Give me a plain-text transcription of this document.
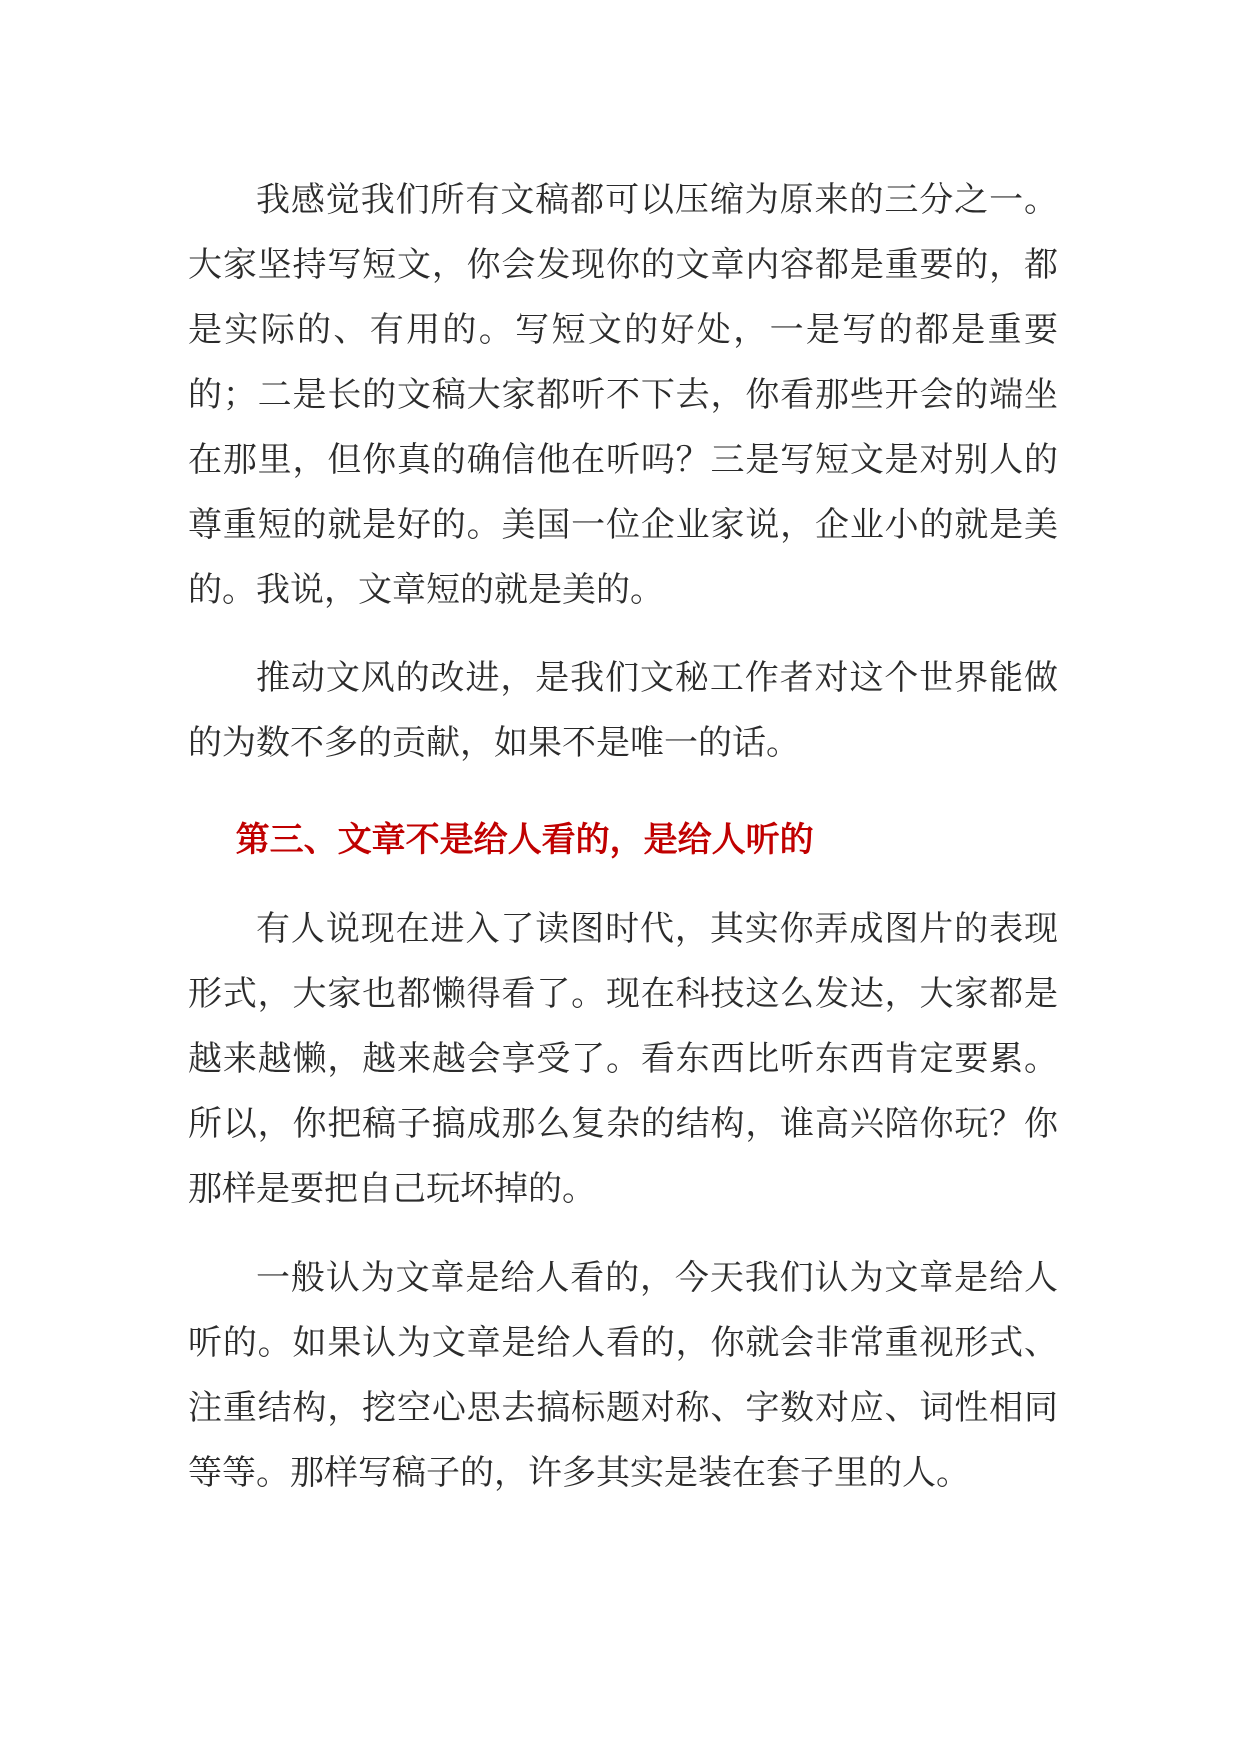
我感觉我们所有文稿都可以压缩为原来的三分之一。大家坚持写短文，你会发现你的文章内容都是重要的，都是实际的、有用的。写短文的好处，一是写的都是重要的；二是长的文稿大家都听不下去，你看那些开会的端坐在那里，但你真的确信他在听吗？三是写短文是对别人的尊重短的就是好的。美国一位企业家说，企业小的就是美的。我说，文章短的就是美的。

推动文风的改进，是我们文秘工作者对这个世界能做的为数不多的贡献，如果不是唯一的话。

第三、文章不是给人看的，是给人听的

有人说现在进入了读图时代，其实你弄成图片的表现形式，大家也都懒得看了。现在科技这么发达，大家都是越来越懒，越来越会享受了。看东西比听东西肯定要累。所以，你把稿子搞成那么复杂的结构，谁高兴陪你玩？你那样是要把自己玩坏掉的。

一般认为文章是给人看的，今天我们认为文章是给人听的。如果认为文章是给人看的，你就会非常重视形式、注重结构，挖空心思去搞标题对称、字数对应、词性相同等等。那样写稿子的，许多其实是装在套子里的人。
